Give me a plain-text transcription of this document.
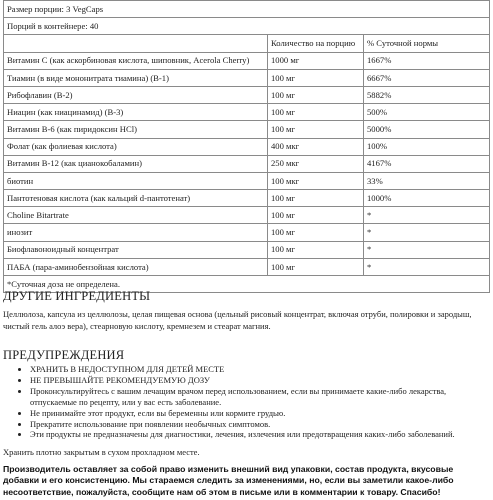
Размер порции: 3 VegCaps		
Порций в контейнере: 40		
	Количество на порцию	% Суточной нормы
Витамин С (как аскорбиновая кислота, шиповник, Acerola Cherry)	1000 мг	1667%
Тиамин (в виде мононитрата тиамина) (В-1)	100 мг	6667%
Рибофлавин (В-2)	100 мг	5882%
Ниацин (как ниацинамид) (В-3)	100 мг	500%
Витамин В-6 (как пиридоксин HCl)	100 мг	5000%
Фолат (как фолиевая кислота)	400 мкг	100%
Витамин В-12 (как цианокобаламин)	250 мкг	4167%
биотин	100 мкг	33%
Пантотеновая кислота (как кальций d-пантотенат)	100 мг	1000%
Choline Bitartrate	100 мг	*
инозит	100 мг	*
Биофлавоноидный концентрат	100 мг	*
ПАБА (пара-аминобензойная кислота)	100 мг	*
*Суточная доза не определена.		
ДРУГИЕ ИНГРЕДИЕНТЫ

Целлюлоза, капсула из целлюлозы, целая пищевая основа (цельный рисовый концентрат, включая отруби, полировки и зародыш, чистый гель алоэ вера), стеарновую кислоту, кремнезем и стеарат магния.

ПРЕДУПРЕЖДЕНИЯ
• ХРАНИТЬ В НЕДОСТУПНОМ ДЛЯ ДЕТЕЙ МЕСТЕ
• НЕ ПРЕВЫШАЙТЕ РЕКОМЕНДУЕМУЮ ДОЗУ
• Проконсультируйтесь с вашим лечащим врачом перед использованием, если вы принимаете какие-либо лекарства, отпускаемые по рецепту, или у вас есть заболевание.
• Не принимайте этот продукт, если вы беременны или кормите грудью.
• Прекратите использование при появлении необычных симптомов.
• Эти продукты не предназначены для диагностики, лечения, излечения или предотвращения каких-либо заболеваний.

Хранить плотно закрытым в сухом прохладном месте.

Производитель оставляет за собой право изменить внешний вид упаковки, состав продукта, вкусовые добавки и его консистенцию. Мы стараемся следить за изменениями, но, если вы заметили какое-либо несоответствие, пожалуйста, сообщите нам об этом в письме или в комментарии к товару. Спасибо!
